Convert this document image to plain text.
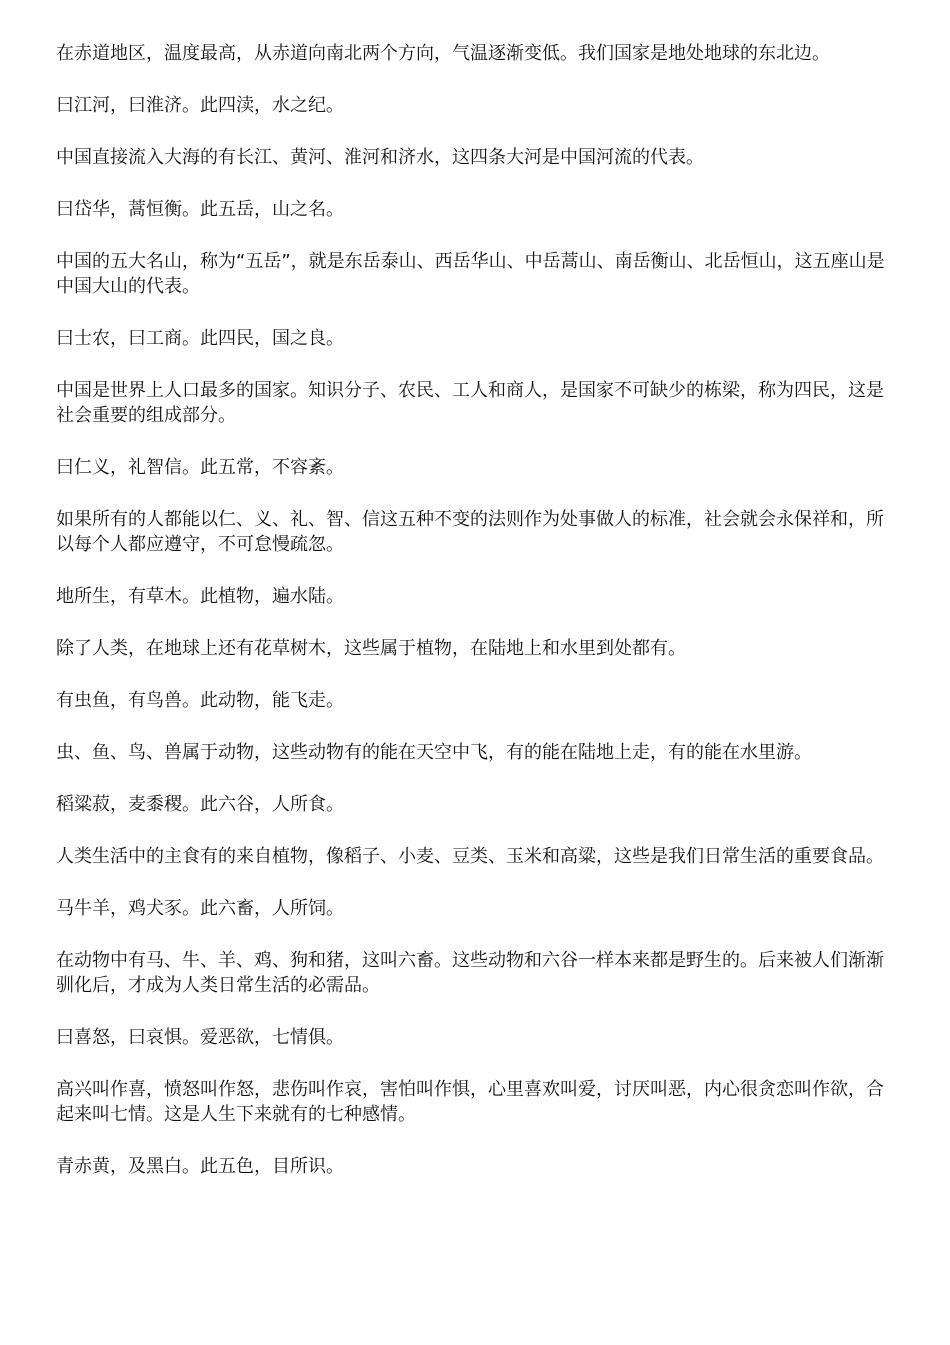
在赤道地区，温度最高，从赤道向南北两个方向，气温逐渐变低。我们国家是地处地球的东北边。

曰江河，曰淮济。此四渎，水之纪。

中国直接流入大海的有长江、黄河、淮河和济水，这四条大河是中国河流的代表。

曰岱华，蒿恒衡。此五岳，山之名。

中国的五大名山，称为“五岳”，就是东岳泰山、西岳华山、中岳蒿山、南岳衡山、北岳恒山，这五座山是中国大山的代表。

曰士农，曰工商。此四民，国之良。

中国是世界上人口最多的国家。知识分子、农民、工人和商人，是国家不可缺少的栋梁，称为四民，这是社会重要的组成部分。

曰仁义，礼智信。此五常，不容紊。

如果所有的人都能以仁、义、礼、智、信这五种不变的法则作为处事做人的标准，社会就会永保祥和，所以每个人都应遵守，不可怠慢疏忽。

地所生，有草木。此植物，遍水陆。

除了人类，在地球上还有花草树木，这些属于植物，在陆地上和水里到处都有。

有虫鱼，有鸟兽。此动物，能飞走。

虫、鱼、鸟、兽属于动物，这些动物有的能在天空中飞，有的能在陆地上走，有的能在水里游。

稻粱菽，麦黍稷。此六谷，人所食。

人类生活中的主食有的来自植物，像稻子、小麦、豆类、玉米和高粱，这些是我们日常生活的重要食品。

马牛羊，鸡犬豕。此六畜，人所饲。

在动物中有马、牛、羊、鸡、狗和猪，这叫六畜。这些动物和六谷一样本来都是野生的。后来被人们渐渐驯化后，才成为人类日常生活的必需品。

曰喜怒，曰哀惧。爱恶欲，七情俱。

高兴叫作喜，愤怒叫作怒，悲伤叫作哀，害怕叫作惧，心里喜欢叫爱，讨厌叫恶，内心很贪恋叫作欲，合起来叫七情。这是人生下来就有的七种感情。

青赤黄，及黑白。此五色，目所识。
